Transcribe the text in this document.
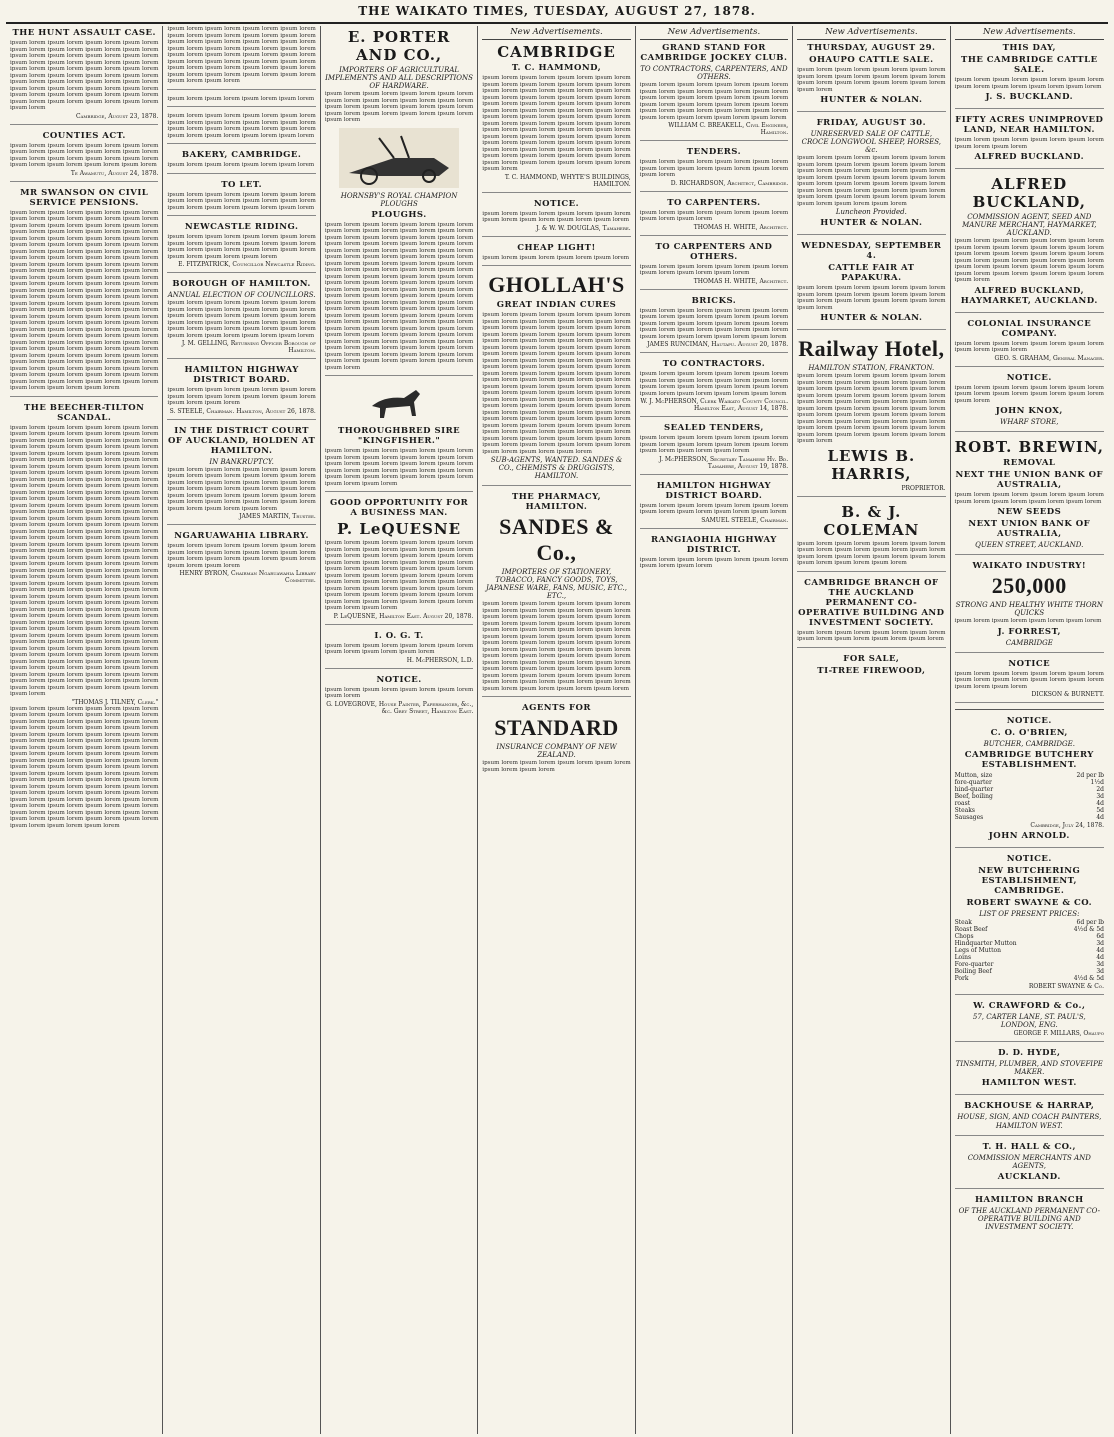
THE WAIKATO TIMES, TUESDAY, AUGUST 27, 1878.
THE HUNT ASSAULT CASE.
ipsum lorem ipsum lorem ipsum lorem ipsum lorem ipsum lorem ipsum lorem ipsum lorem ipsum lorem ipsum lorem ipsum lorem ipsum lorem ipsum lorem ipsum lorem ipsum lorem ipsum lorem ipsum lorem ipsum lorem ipsum lorem ipsum lorem ipsum lorem ipsum lorem ipsum lorem ipsum lorem ipsum lorem ipsum lorem ipsum lorem ipsum lorem ipsum lorem ipsum lorem ipsum lorem ipsum lorem ipsum lorem ipsum lorem ipsum lorem ipsum lorem ipsum lorem ipsum lorem ipsum lorem ipsum lorem ipsum lorem ipsum lorem
Cambridge, August 23, 1878.
COUNTIES ACT.
ipsum lorem ipsum lorem ipsum lorem ipsum lorem ipsum lorem ipsum lorem ipsum lorem ipsum lorem ipsum lorem ipsum lorem ipsum lorem ipsum lorem ipsum lorem ipsum lorem ipsum lorem ipsum lorem
Te Awamutu, August 24, 1878.
MR SWANSON ON CIVIL SERVICE PENSIONS.
ipsum lorem ipsum lorem ipsum lorem ipsum lorem ipsum lorem ipsum lorem ipsum lorem ipsum lorem ipsum lorem ipsum lorem ipsum lorem ipsum lorem ipsum lorem ipsum lorem ipsum lorem ipsum lorem ipsum lorem ipsum lorem ipsum lorem ipsum lorem ipsum lorem ipsum lorem ipsum lorem ipsum lorem ipsum lorem ipsum lorem ipsum lorem ipsum lorem ipsum lorem ipsum lorem ipsum lorem ipsum lorem ipsum lorem ipsum lorem ipsum lorem ipsum lorem ipsum lorem ipsum lorem ipsum lorem ipsum lorem ipsum lorem ipsum lorem ipsum lorem ipsum lorem ipsum lorem ipsum lorem ipsum lorem ipsum lorem ipsum lorem ipsum lorem ipsum lorem ipsum lorem ipsum lorem ipsum lorem ipsum lorem ipsum lorem ipsum lorem ipsum lorem ipsum lorem ipsum lorem ipsum lorem ipsum lorem ipsum lorem ipsum lorem ipsum lorem ipsum lorem ipsum lorem ipsum lorem ipsum lorem ipsum lorem ipsum lorem ipsum lorem ipsum lorem ipsum lorem ipsum lorem ipsum lorem ipsum lorem ipsum lorem ipsum lorem ipsum lorem ipsum lorem ipsum lorem ipsum lorem ipsum lorem ipsum lorem ipsum lorem ipsum lorem ipsum lorem ipsum lorem ipsum lorem ipsum lorem ipsum lorem ipsum lorem ipsum lorem ipsum lorem ipsum lorem ipsum lorem ipsum lorem ipsum lorem ipsum lorem ipsum lorem ipsum lorem ipsum lorem ipsum lorem ipsum lorem ipsum lorem ipsum lorem ipsum lorem ipsum lorem ipsum lorem ipsum lorem
THE BEECHER-TILTON SCANDAL.
ipsum lorem ipsum lorem ipsum lorem ipsum lorem ipsum lorem ipsum lorem ipsum lorem ipsum lorem ipsum lorem ipsum lorem ipsum lorem ipsum lorem ipsum lorem ipsum lorem ipsum lorem ipsum lorem ipsum lorem ipsum lorem ipsum lorem ipsum lorem ipsum lorem ipsum lorem ipsum lorem ipsum lorem ipsum lorem ipsum lorem ipsum lorem ipsum lorem ipsum lorem ipsum lorem ipsum lorem ipsum lorem ipsum lorem ipsum lorem ipsum lorem ipsum lorem ipsum lorem ipsum lorem ipsum lorem ipsum lorem ipsum lorem ipsum lorem ipsum lorem ipsum lorem ipsum lorem ipsum lorem ipsum lorem ipsum lorem ipsum lorem ipsum lorem ipsum lorem ipsum lorem ipsum lorem ipsum lorem ipsum lorem ipsum lorem ipsum lorem ipsum lorem ipsum lorem ipsum lorem ipsum lorem ipsum lorem ipsum lorem ipsum lorem ipsum lorem ipsum lorem ipsum lorem ipsum lorem ipsum lorem ipsum lorem ipsum lorem ipsum lorem ipsum lorem ipsum lorem ipsum lorem ipsum lorem ipsum lorem ipsum lorem ipsum lorem ipsum lorem ipsum lorem ipsum lorem ipsum lorem ipsum lorem ipsum lorem ipsum lorem ipsum lorem ipsum lorem ipsum lorem ipsum lorem ipsum lorem ipsum lorem ipsum lorem ipsum lorem ipsum lorem ipsum lorem ipsum lorem ipsum lorem ipsum lorem ipsum lorem ipsum lorem ipsum lorem ipsum lorem ipsum lorem ipsum lorem ipsum lorem ipsum lorem ipsum lorem ipsum lorem ipsum lorem ipsum lorem ipsum lorem ipsum lorem ipsum lorem ipsum lorem ipsum lorem ipsum lorem ipsum lorem ipsum lorem ipsum lorem ipsum lorem ipsum lorem ipsum lorem ipsum lorem ipsum lorem ipsum lorem ipsum lorem ipsum lorem ipsum lorem ipsum lorem ipsum lorem ipsum lorem ipsum lorem ipsum lorem ipsum lorem ipsum lorem ipsum lorem ipsum lorem ipsum lorem ipsum lorem ipsum lorem ipsum lorem ipsum lorem ipsum lorem ipsum lorem ipsum lorem ipsum lorem ipsum lorem ipsum lorem ipsum lorem ipsum lorem ipsum lorem ipsum lorem ipsum lorem ipsum lorem ipsum lorem ipsum lorem ipsum lorem ipsum lorem ipsum lorem ipsum lorem ipsum lorem ipsum lorem ipsum lorem ipsum lorem
"THOMAS J. TILNEY, Clerk."
ipsum lorem ipsum lorem ipsum lorem ipsum lorem ipsum lorem ipsum lorem ipsum lorem ipsum lorem ipsum lorem ipsum lorem ipsum lorem ipsum lorem ipsum lorem ipsum lorem ipsum lorem ipsum lorem ipsum lorem ipsum lorem ipsum lorem ipsum lorem ipsum lorem ipsum lorem ipsum lorem ipsum lorem ipsum lorem ipsum lorem ipsum lorem ipsum lorem ipsum lorem ipsum lorem ipsum lorem ipsum lorem ipsum lorem ipsum lorem ipsum lorem ipsum lorem ipsum lorem ipsum lorem ipsum lorem ipsum lorem ipsum lorem ipsum lorem ipsum lorem ipsum lorem ipsum lorem ipsum lorem ipsum lorem ipsum lorem ipsum lorem ipsum lorem ipsum lorem ipsum lorem ipsum lorem ipsum lorem ipsum lorem ipsum lorem ipsum lorem ipsum lorem ipsum lorem ipsum lorem ipsum lorem ipsum lorem ipsum lorem ipsum lorem ipsum lorem ipsum lorem ipsum lorem ipsum lorem ipsum lorem ipsum lorem ipsum lorem ipsum lorem ipsum lorem ipsum lorem ipsum lorem
ipsum lorem ipsum lorem ipsum lorem ipsum lorem ipsum lorem ipsum lorem ipsum lorem ipsum lorem ipsum lorem ipsum lorem ipsum lorem ipsum lorem ipsum lorem ipsum lorem ipsum lorem ipsum lorem ipsum lorem ipsum lorem ipsum lorem ipsum lorem ipsum lorem ipsum lorem ipsum lorem ipsum lorem ipsum lorem ipsum lorem ipsum lorem ipsum lorem ipsum lorem ipsum lorem ipsum lorem ipsum lorem ipsum lorem ipsum lorem
ipsum lorem ipsum lorem ipsum lorem ipsum lorem
ipsum lorem ipsum lorem ipsum lorem ipsum lorem ipsum lorem ipsum lorem ipsum lorem ipsum lorem ipsum lorem ipsum lorem ipsum lorem ipsum lorem ipsum lorem ipsum lorem ipsum lorem ipsum lorem
BAKERY, CAMBRIDGE.
ipsum lorem ipsum lorem ipsum lorem ipsum lorem
TO LET.
ipsum lorem ipsum lorem ipsum lorem ipsum lorem ipsum lorem ipsum lorem ipsum lorem ipsum lorem ipsum lorem ipsum lorem ipsum lorem ipsum lorem
NEWCASTLE RIDING.
ipsum lorem ipsum lorem ipsum lorem ipsum lorem ipsum lorem ipsum lorem ipsum lorem ipsum lorem ipsum lorem ipsum lorem ipsum lorem ipsum lorem ipsum lorem ipsum lorem ipsum lorem
E. FITZPATRICK, Councillor Newcastle Riding.
BOROUGH OF HAMILTON.
ANNUAL ELECTION OF COUNCILLORS.
ipsum lorem ipsum lorem ipsum lorem ipsum lorem ipsum lorem ipsum lorem ipsum lorem ipsum lorem ipsum lorem ipsum lorem ipsum lorem ipsum lorem ipsum lorem ipsum lorem ipsum lorem ipsum lorem ipsum lorem ipsum lorem ipsum lorem ipsum lorem ipsum lorem ipsum lorem ipsum lorem ipsum lorem
J. M. GELLING, Returning Officer Borough of Hamilton.
HAMILTON HIGHWAY DISTRICT BOARD.
ipsum lorem ipsum lorem ipsum lorem ipsum lorem ipsum lorem ipsum lorem ipsum lorem ipsum lorem ipsum lorem ipsum lorem
S. STEELE, Chairman. Hamilton, August 26, 1878.
IN THE DISTRICT COURT OF AUCKLAND, HOLDEN AT HAMILTON.
IN BANKRUPTCY.
ipsum lorem ipsum lorem ipsum lorem ipsum lorem ipsum lorem ipsum lorem ipsum lorem ipsum lorem ipsum lorem ipsum lorem ipsum lorem ipsum lorem ipsum lorem ipsum lorem ipsum lorem ipsum lorem ipsum lorem ipsum lorem ipsum lorem ipsum lorem ipsum lorem ipsum lorem ipsum lorem ipsum lorem ipsum lorem ipsum lorem ipsum lorem
JAMES MARTIN, Trustee.
NGARUAWAHIA LIBRARY.
ipsum lorem ipsum lorem ipsum lorem ipsum lorem ipsum lorem ipsum lorem ipsum lorem ipsum lorem ipsum lorem ipsum lorem ipsum lorem ipsum lorem ipsum lorem ipsum lorem
HENRY BYRON, Chairman Ngaruawahia Library Committee.
E. PORTER AND CO.,
IMPORTERS OF AGRICULTURAL IMPLEMENTS AND ALL DESCRIPTIONS OF HARDWARE.
ipsum lorem ipsum lorem ipsum lorem ipsum lorem ipsum lorem ipsum lorem ipsum lorem ipsum lorem ipsum lorem ipsum lorem ipsum lorem ipsum lorem ipsum lorem ipsum lorem ipsum lorem ipsum lorem ipsum lorem
HORNSBY'S ROYAL CHAMPION PLOUGHS
PLOUGHS.
ipsum lorem ipsum lorem ipsum lorem ipsum lorem ipsum lorem ipsum lorem ipsum lorem ipsum lorem ipsum lorem ipsum lorem ipsum lorem ipsum lorem ipsum lorem ipsum lorem ipsum lorem ipsum lorem ipsum lorem ipsum lorem ipsum lorem ipsum lorem ipsum lorem ipsum lorem ipsum lorem ipsum lorem ipsum lorem ipsum lorem ipsum lorem ipsum lorem ipsum lorem ipsum lorem ipsum lorem ipsum lorem ipsum lorem ipsum lorem ipsum lorem ipsum lorem ipsum lorem ipsum lorem ipsum lorem ipsum lorem ipsum lorem ipsum lorem ipsum lorem ipsum lorem ipsum lorem ipsum lorem ipsum lorem ipsum lorem ipsum lorem ipsum lorem ipsum lorem ipsum lorem ipsum lorem ipsum lorem ipsum lorem ipsum lorem ipsum lorem ipsum lorem ipsum lorem ipsum lorem ipsum lorem ipsum lorem ipsum lorem ipsum lorem ipsum lorem ipsum lorem ipsum lorem ipsum lorem ipsum lorem ipsum lorem ipsum lorem ipsum lorem ipsum lorem ipsum lorem ipsum lorem ipsum lorem ipsum lorem ipsum lorem ipsum lorem ipsum lorem ipsum lorem ipsum lorem ipsum lorem ipsum lorem ipsum lorem ipsum lorem ipsum lorem ipsum lorem ipsum lorem
THOROUGHBRED SIRE "KINGFISHER."
ipsum lorem ipsum lorem ipsum lorem ipsum lorem ipsum lorem ipsum lorem ipsum lorem ipsum lorem ipsum lorem ipsum lorem ipsum lorem ipsum lorem ipsum lorem ipsum lorem ipsum lorem ipsum lorem ipsum lorem ipsum lorem ipsum lorem ipsum lorem ipsum lorem ipsum lorem
GOOD OPPORTUNITY FOR A BUSINESS MAN.
P. LeQUESNE
ipsum lorem ipsum lorem ipsum lorem ipsum lorem ipsum lorem ipsum lorem ipsum lorem ipsum lorem ipsum lorem ipsum lorem ipsum lorem ipsum lorem ipsum lorem ipsum lorem ipsum lorem ipsum lorem ipsum lorem ipsum lorem ipsum lorem ipsum lorem ipsum lorem ipsum lorem ipsum lorem ipsum lorem ipsum lorem ipsum lorem ipsum lorem ipsum lorem ipsum lorem ipsum lorem ipsum lorem ipsum lorem ipsum lorem ipsum lorem ipsum lorem ipsum lorem ipsum lorem ipsum lorem ipsum lorem ipsum lorem ipsum lorem ipsum lorem
P. LeQUESNE, Hamilton East. August 20, 1878.
I. O. G. T.
ipsum lorem ipsum lorem ipsum lorem ipsum lorem ipsum lorem ipsum lorem ipsum lorem
H. McPHERSON, L.D.
NOTICE.
ipsum lorem ipsum lorem ipsum lorem ipsum lorem ipsum lorem
G. LOVEGROVE, House Painter, Paperhanger, &c., &c. Grey Street, Hamilton East.
New Advertisements.
CAMBRIDGE
T. C. HAMMOND,
ipsum lorem ipsum lorem ipsum lorem ipsum lorem ipsum lorem ipsum lorem ipsum lorem ipsum lorem ipsum lorem ipsum lorem ipsum lorem ipsum lorem ipsum lorem ipsum lorem ipsum lorem ipsum lorem ipsum lorem ipsum lorem ipsum lorem ipsum lorem ipsum lorem ipsum lorem ipsum lorem ipsum lorem ipsum lorem ipsum lorem ipsum lorem ipsum lorem ipsum lorem ipsum lorem ipsum lorem ipsum lorem ipsum lorem ipsum lorem ipsum lorem ipsum lorem ipsum lorem ipsum lorem ipsum lorem ipsum lorem ipsum lorem ipsum lorem ipsum lorem ipsum lorem ipsum lorem ipsum lorem ipsum lorem ipsum lorem ipsum lorem ipsum lorem ipsum lorem ipsum lorem ipsum lorem ipsum lorem ipsum lorem ipsum lorem ipsum lorem
T. C. HAMMOND, WHYTE'S BUILDINGS, HAMILTON.
NOTICE.
ipsum lorem ipsum lorem ipsum lorem ipsum lorem ipsum lorem ipsum lorem ipsum lorem ipsum lorem
J. & W. W. DOUGLAS, Tamahere.
CHEAP LIGHT!
ipsum lorem ipsum lorem ipsum lorem ipsum lorem
GHOLLAH'S
GREAT INDIAN CURES
ipsum lorem ipsum lorem ipsum lorem ipsum lorem ipsum lorem ipsum lorem ipsum lorem ipsum lorem ipsum lorem ipsum lorem ipsum lorem ipsum lorem ipsum lorem ipsum lorem ipsum lorem ipsum lorem ipsum lorem ipsum lorem ipsum lorem ipsum lorem ipsum lorem ipsum lorem ipsum lorem ipsum lorem ipsum lorem ipsum lorem ipsum lorem ipsum lorem ipsum lorem ipsum lorem ipsum lorem ipsum lorem ipsum lorem ipsum lorem ipsum lorem ipsum lorem ipsum lorem ipsum lorem ipsum lorem ipsum lorem ipsum lorem ipsum lorem ipsum lorem ipsum lorem ipsum lorem ipsum lorem ipsum lorem ipsum lorem ipsum lorem ipsum lorem ipsum lorem ipsum lorem ipsum lorem ipsum lorem ipsum lorem ipsum lorem ipsum lorem ipsum lorem ipsum lorem ipsum lorem ipsum lorem ipsum lorem ipsum lorem ipsum lorem ipsum lorem ipsum lorem ipsum lorem ipsum lorem ipsum lorem ipsum lorem ipsum lorem ipsum lorem ipsum lorem ipsum lorem ipsum lorem ipsum lorem ipsum lorem ipsum lorem ipsum lorem ipsum lorem ipsum lorem ipsum lorem ipsum lorem ipsum lorem ipsum lorem ipsum lorem ipsum lorem
SUB-AGENTS, WANTED. SANDES & CO., CHEMISTS & DRUGGISTS, HAMILTON.
THE PHARMACY, HAMILTON.
SANDES & Co.,
IMPORTERS OF STATIONERY, TOBACCO, FANCY GOODS, TOYS, JAPANESE WARE, FANS, MUSIC, ETC., ETC.,
ipsum lorem ipsum lorem ipsum lorem ipsum lorem ipsum lorem ipsum lorem ipsum lorem ipsum lorem ipsum lorem ipsum lorem ipsum lorem ipsum lorem ipsum lorem ipsum lorem ipsum lorem ipsum lorem ipsum lorem ipsum lorem ipsum lorem ipsum lorem ipsum lorem ipsum lorem ipsum lorem ipsum lorem ipsum lorem ipsum lorem ipsum lorem ipsum lorem ipsum lorem ipsum lorem ipsum lorem ipsum lorem ipsum lorem ipsum lorem ipsum lorem ipsum lorem ipsum lorem ipsum lorem ipsum lorem ipsum lorem ipsum lorem ipsum lorem ipsum lorem ipsum lorem ipsum lorem ipsum lorem ipsum lorem ipsum lorem ipsum lorem ipsum lorem ipsum lorem ipsum lorem ipsum lorem ipsum lorem ipsum lorem ipsum lorem
AGENTS FOR
STANDARD
INSURANCE COMPANY OF NEW ZEALAND.
ipsum lorem ipsum lorem ipsum lorem ipsum lorem ipsum lorem ipsum lorem
New Advertisements.
GRAND STAND FOR CAMBRIDGE JOCKEY CLUB.
TO CONTRACTORS, CARPENTERS, AND OTHERS.
ipsum lorem ipsum lorem ipsum lorem ipsum lorem ipsum lorem ipsum lorem ipsum lorem ipsum lorem ipsum lorem ipsum lorem ipsum lorem ipsum lorem ipsum lorem ipsum lorem ipsum lorem ipsum lorem ipsum lorem ipsum lorem ipsum lorem ipsum lorem ipsum lorem ipsum lorem ipsum lorem ipsum lorem
WILLIAM C. BREAKELL, Civil Engineer, Hamilton.
TENDERS.
ipsum lorem ipsum lorem ipsum lorem ipsum lorem ipsum lorem ipsum lorem ipsum lorem ipsum lorem ipsum lorem
D. RICHARDSON, Architect, Cambridge.
TO CARPENTERS.
ipsum lorem ipsum lorem ipsum lorem ipsum lorem ipsum lorem ipsum lorem
THOMAS H. WHITE, Architect.
TO CARPENTERS AND OTHERS.
ipsum lorem ipsum lorem ipsum lorem ipsum lorem ipsum lorem ipsum lorem ipsum lorem
THOMAS H. WHITE, Architect.
BRICKS.
ipsum lorem ipsum lorem ipsum lorem ipsum lorem ipsum lorem ipsum lorem ipsum lorem ipsum lorem ipsum lorem ipsum lorem ipsum lorem ipsum lorem ipsum lorem ipsum lorem ipsum lorem ipsum lorem ipsum lorem ipsum lorem ipsum lorem ipsum lorem
JAMES RUNCIMAN, Hautapu. August 20, 1878.
TO CONTRACTORS.
ipsum lorem ipsum lorem ipsum lorem ipsum lorem ipsum lorem ipsum lorem ipsum lorem ipsum lorem ipsum lorem ipsum lorem ipsum lorem ipsum lorem ipsum lorem ipsum lorem ipsum lorem ipsum lorem
W. J. McPHERSON, Clerk Waikato County Council. Hamilton East, August 14, 1878.
SEALED TENDERS,
ipsum lorem ipsum lorem ipsum lorem ipsum lorem ipsum lorem ipsum lorem ipsum lorem ipsum lorem ipsum lorem ipsum lorem ipsum lorem
J. McPHERSON, Secretary Tamahere Hy. Bd. Tamahere, August 19, 1878.
HAMILTON HIGHWAY DISTRICT BOARD.
ipsum lorem ipsum lorem ipsum lorem ipsum lorem ipsum lorem ipsum lorem ipsum lorem ipsum lorem
SAMUEL STEELE, Chairman.
RANGIAOHIA HIGHWAY DISTRICT.
ipsum lorem ipsum lorem ipsum lorem ipsum lorem ipsum lorem ipsum lorem
New Advertisements.
THURSDAY, AUGUST 29.
OHAUPO CATTLE SALE.
ipsum lorem ipsum lorem ipsum lorem ipsum lorem ipsum lorem ipsum lorem ipsum lorem ipsum lorem ipsum lorem ipsum lorem ipsum lorem ipsum lorem ipsum lorem
HUNTER & NOLAN.
FRIDAY, AUGUST 30.
UNRESERVED SALE OF CATTLE, CROCE LONGWOOL SHEEP, HORSES, &c.
ipsum lorem ipsum lorem ipsum lorem ipsum lorem ipsum lorem ipsum lorem ipsum lorem ipsum lorem ipsum lorem ipsum lorem ipsum lorem ipsum lorem ipsum lorem ipsum lorem ipsum lorem ipsum lorem ipsum lorem ipsum lorem ipsum lorem ipsum lorem ipsum lorem ipsum lorem ipsum lorem ipsum lorem ipsum lorem ipsum lorem ipsum lorem ipsum lorem ipsum lorem ipsum lorem ipsum lorem
Luncheon Provided.
HUNTER & NOLAN.
WEDNESDAY, SEPTEMBER 4.
CATTLE FAIR AT PAPAKURA.
ipsum lorem ipsum lorem ipsum lorem ipsum lorem ipsum lorem ipsum lorem ipsum lorem ipsum lorem ipsum lorem ipsum lorem ipsum lorem ipsum lorem ipsum lorem
HUNTER & NOLAN.
Railway Hotel,
HAMILTON STATION, FRANKTON.
ipsum lorem ipsum lorem ipsum lorem ipsum lorem ipsum lorem ipsum lorem ipsum lorem ipsum lorem ipsum lorem ipsum lorem ipsum lorem ipsum lorem ipsum lorem ipsum lorem ipsum lorem ipsum lorem ipsum lorem ipsum lorem ipsum lorem ipsum lorem ipsum lorem ipsum lorem ipsum lorem ipsum lorem ipsum lorem ipsum lorem ipsum lorem ipsum lorem ipsum lorem ipsum lorem ipsum lorem ipsum lorem ipsum lorem ipsum lorem ipsum lorem ipsum lorem ipsum lorem ipsum lorem ipsum lorem ipsum lorem ipsum lorem
LEWIS B. HARRIS,
PROPRIETOR.
B. & J. COLEMAN
ipsum lorem ipsum lorem ipsum lorem ipsum lorem ipsum lorem ipsum lorem ipsum lorem ipsum lorem ipsum lorem ipsum lorem ipsum lorem ipsum lorem ipsum lorem ipsum lorem ipsum lorem
CAMBRIDGE BRANCH OF THE AUCKLAND PERMANENT CO-OPERATIVE BUILDING AND INVESTMENT SOCIETY.
ipsum lorem ipsum lorem ipsum lorem ipsum lorem ipsum lorem ipsum lorem ipsum lorem ipsum lorem
FOR SALE,
TI-TREE FIREWOOD,
New Advertisements.
THIS DAY,
THE CAMBRIDGE CATTLE SALE.
ipsum lorem ipsum lorem ipsum lorem ipsum lorem ipsum lorem ipsum lorem ipsum lorem ipsum lorem
J. S. BUCKLAND.
FIFTY ACRES UNIMPROVED LAND, NEAR HAMILTON.
ipsum lorem ipsum lorem ipsum lorem ipsum lorem ipsum lorem ipsum lorem
ALFRED BUCKLAND.
ALFRED BUCKLAND,
COMMISSION AGENT, SEED AND MANURE MERCHANT, HAYMARKET, AUCKLAND.
ipsum lorem ipsum lorem ipsum lorem ipsum lorem ipsum lorem ipsum lorem ipsum lorem ipsum lorem ipsum lorem ipsum lorem ipsum lorem ipsum lorem ipsum lorem ipsum lorem ipsum lorem ipsum lorem ipsum lorem ipsum lorem ipsum lorem ipsum lorem ipsum lorem ipsum lorem ipsum lorem ipsum lorem ipsum lorem
ALFRED BUCKLAND, HAYMARKET, AUCKLAND.
COLONIAL INSURANCE COMPANY.
ipsum lorem ipsum lorem ipsum lorem ipsum lorem ipsum lorem ipsum lorem
GEO. S. GRAHAM, General Manager.
NOTICE.
ipsum lorem ipsum lorem ipsum lorem ipsum lorem ipsum lorem ipsum lorem ipsum lorem ipsum lorem ipsum lorem
JOHN KNOX,
WHARF STORE,
ROBT. BREWIN,
REMOVAL
NEXT THE UNION BANK OF AUSTRALIA,
ipsum lorem ipsum lorem ipsum lorem ipsum lorem ipsum lorem ipsum lorem ipsum lorem ipsum lorem
NEW SEEDS
NEXT UNION BANK OF AUSTRALIA,
QUEEN STREET, AUCKLAND.
WAIKATO INDUSTRY!
250,000
STRONG AND HEALTHY WHITE THORN QUICKS
ipsum lorem ipsum lorem ipsum lorem ipsum lorem
J. FORREST,
CAMBRIDGE
NOTICE
ipsum lorem ipsum lorem ipsum lorem ipsum lorem ipsum lorem ipsum lorem ipsum lorem ipsum lorem ipsum lorem ipsum lorem
DICKSON & BURNETT.
NOTICE.
C. O. O'BRIEN,
BUTCHER, CAMBRIDGE.
CAMBRIDGE BUTCHERY ESTABLISHMENT.
Mutton, size	2d per lb
fore-quarter	1½d
hind-quarter	2d
Beef, boiling	3d
roast	4d
Steaks	5d
Sausages	4d
Cambridge, July 24, 1878.
JOHN ARNOLD.
NOTICE.
NEW BUTCHERING ESTABLISHMENT, CAMBRIDGE.
ROBERT SWAYNE & CO.
LIST OF PRESENT PRICES:
Steak	6d per lb
Roast Beef	4½d & 5d
Chops	6d
Hindquarter Mutton	3d
Legs of Mutton	4d
Loins	4d
Fore-quarter	3d
Boiling Beef	3d
Pork	4½d & 5d
ROBERT SWAYNE & Co.
W. CRAWFORD & Co.,
57, CARTER LANE, ST. PAUL'S, LONDON, ENG.
GEORGE F. MILLARS, Ohaupo
D. D. HYDE,
TINSMITH, PLUMBER, AND STOVEFIPE MAKER.
HAMILTON WEST.
BACKHOUSE & HARRAP,
HOUSE, SIGN, AND COACH PAINTERS,
HAMILTON WEST.
T. H. HALL & CO.,
COMMISSION MERCHANTS AND AGENTS,
AUCKLAND.
HAMILTON BRANCH
OF THE AUCKLAND PERMANENT CO-OPERATIVE BUILDING AND INVESTMENT SOCIETY.
